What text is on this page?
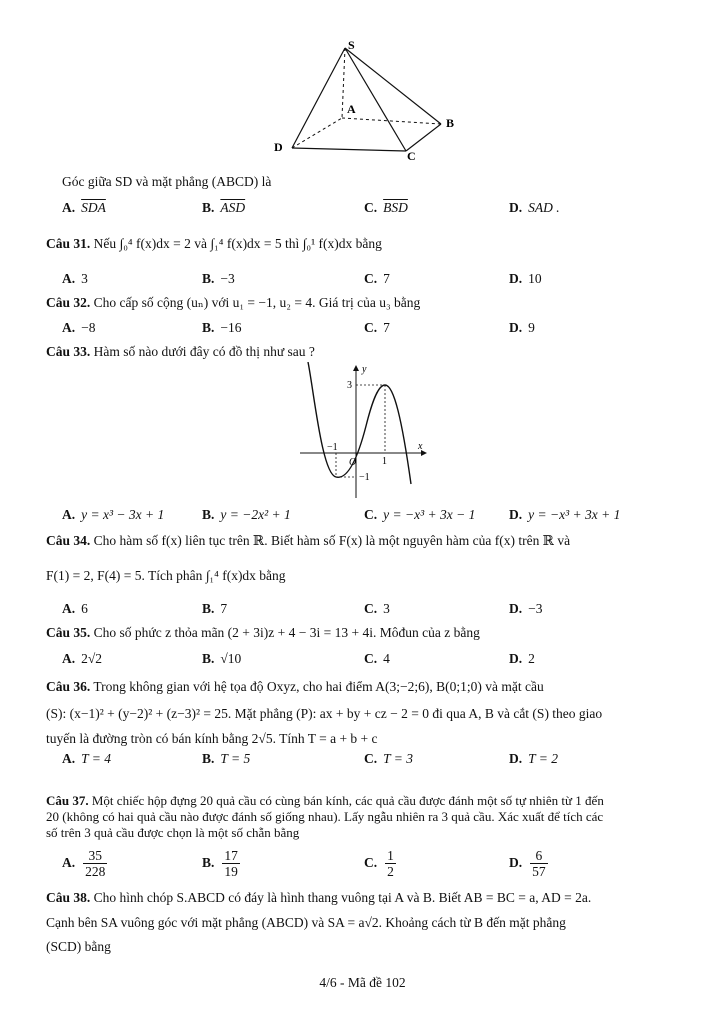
S
A
B
C
D
Góc giữa SD và mặt phẳng (ABCD) là
A. $\overline{SDA}$	B. $\overline{ASD}$	C. $\overline{BSD}$	D. SAD .
Câu 31. Nếu ∫₀⁴ f(x)dx = 2 và ∫₁⁴ f(x)dx = 5 thì ∫₀¹ f(x)dx bằng
A. 3	B. −3	C. 7	D. 10
Câu 32. Cho cấp số cộng (uₙ) với u₁ = −1, u₂ = 4. Giá trị của u₃ bằng
A. −8	B. −16	C. 7	D. 9
Câu 33. Hàm số nào dưới đây có đồ thị như sau ?
y
x
O
3
−1
−1
1
A. y = x³ − 3x + 1	B. y = −2x² + 1	C. y = −x³ + 3x − 1 D. y = −x³ + 3x + 1
Câu 34. Cho hàm số f(x) liên tục trên ℝ. Biết hàm số F(x) là một nguyên hàm của f(x) trên ℝ và
F(1) = 2, F(4) = 5. Tích phân ∫₁⁴ f(x)dx bằng
A. 6	B. 7	C. 3	D. −3
Câu 35. Cho số phức z thỏa mãn (2 + 3i)z + 4 − 3i = 13 + 4i. Môđun của z bằng
A. 2√2	B. √10	C. 4	D. 2
Câu 36. Trong không gian với hệ tọa độ Oxyz, cho hai điểm A(3;−2;6), B(0;1;0) và mặt cầu
(S): (x−1)² + (y−2)² + (z−3)² = 25. Mặt phẳng (P): ax + by + cz − 2 = 0 đi qua A, B và cắt (S) theo giao
tuyến là đường tròn có bán kính bằng 2√5. Tính T = a + b + c
A. T = 4	B. T = 5	C. T = 3	D. T = 2
Câu 37. Một chiếc hộp đựng 20 quả cầu có cùng bán kính, các quả cầu được đánh một số tự nhiên từ 1 đến
20 (không có hai quả cầu nào được đánh số giống nhau). Lấy ngẫu nhiên ra 3 quả cầu. Xác xuất để tích các
số trên 3 quả cầu được chọn là một số chẵn bằng
A. $\frac{35}{228}$	B. $\frac{17}{19}$	C. $\frac{1}{2}$	D. $\frac{6}{57}$
Câu 38. Cho hình chóp S.ABCD có đáy là hình thang vuông tại A và B. Biết AB = BC = a, AD = 2a.
Cạnh bên SA vuông góc với mặt phẳng (ABCD) và SA = a√2. Khoảng cách từ B đến mặt phẳng
(SCD) bằng
4/6 - Mã đề 102
